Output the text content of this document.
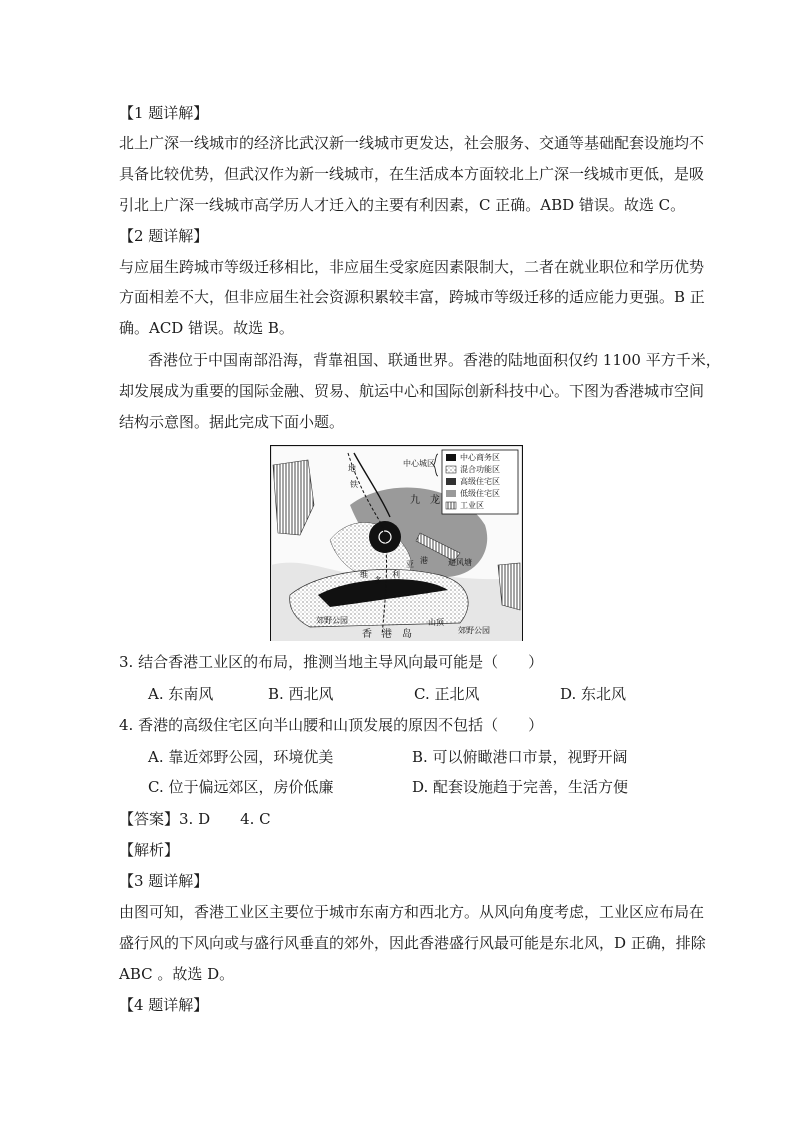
【1 题详解】
北上广深一线城市的经济比武汉新一线城市更发达，社会服务、交通等基础配套设施均不
具备比较优势，但武汉作为新一线城市，在生活成本方面较北上广深一线城市更低，是吸
引北上广深一线城市高学历人才迁入的主要有利因素，C 正确。ABD 错误。故选 C。
【2 题详解】
与应届生跨城市等级迁移相比，非应届生受家庭因素限制大，二者在就业职位和学历优势
方面相差不大，但非应届生社会资源积累较丰富，跨城市等级迁移的适应能力更强。B 正
确。ACD 错误。故选 B。
香港位于中国南部沿海，背靠祖国、联通世界。香港的陆地面积仅约 1100 平方千米，
却发展成为重要的国际金融、贸易、航运中心和国际创新科技中心。下图为香港城市空间
结构示意图。据此完成下面小题。
中心商务区
混合功能区
高级住宅区
低级住宅区
工业区
中心城区
地
铁
九　龙
维
多
利
亚 港	避风塘
郊野公园
香　港　岛
山顶
郊野公园
3. 结合香港工业区的布局，推测当地主导风向最可能是（　　）
A. 东南风	B. 西北风	C. 正北风	D. 东北风
4. 香港的高级住宅区向半山腰和山顶发展的原因不包括（　　）
A. 靠近郊野公园，环境优美	B. 可以俯瞰港口市景，视野开阔
C. 位于偏远郊区，房价低廉	D. 配套设施趋于完善，生活方便
【答案】3. D　　4. C
【解析】
【3 题详解】
由图可知，香港工业区主要位于城市东南方和西北方。从风向角度考虑，工业区应布局在
盛行风的下风向或与盛行风垂直的郊外，因此香港盛行风最可能是东北风，D 正确，排除
ABC 。故选 D。
【4 题详解】
